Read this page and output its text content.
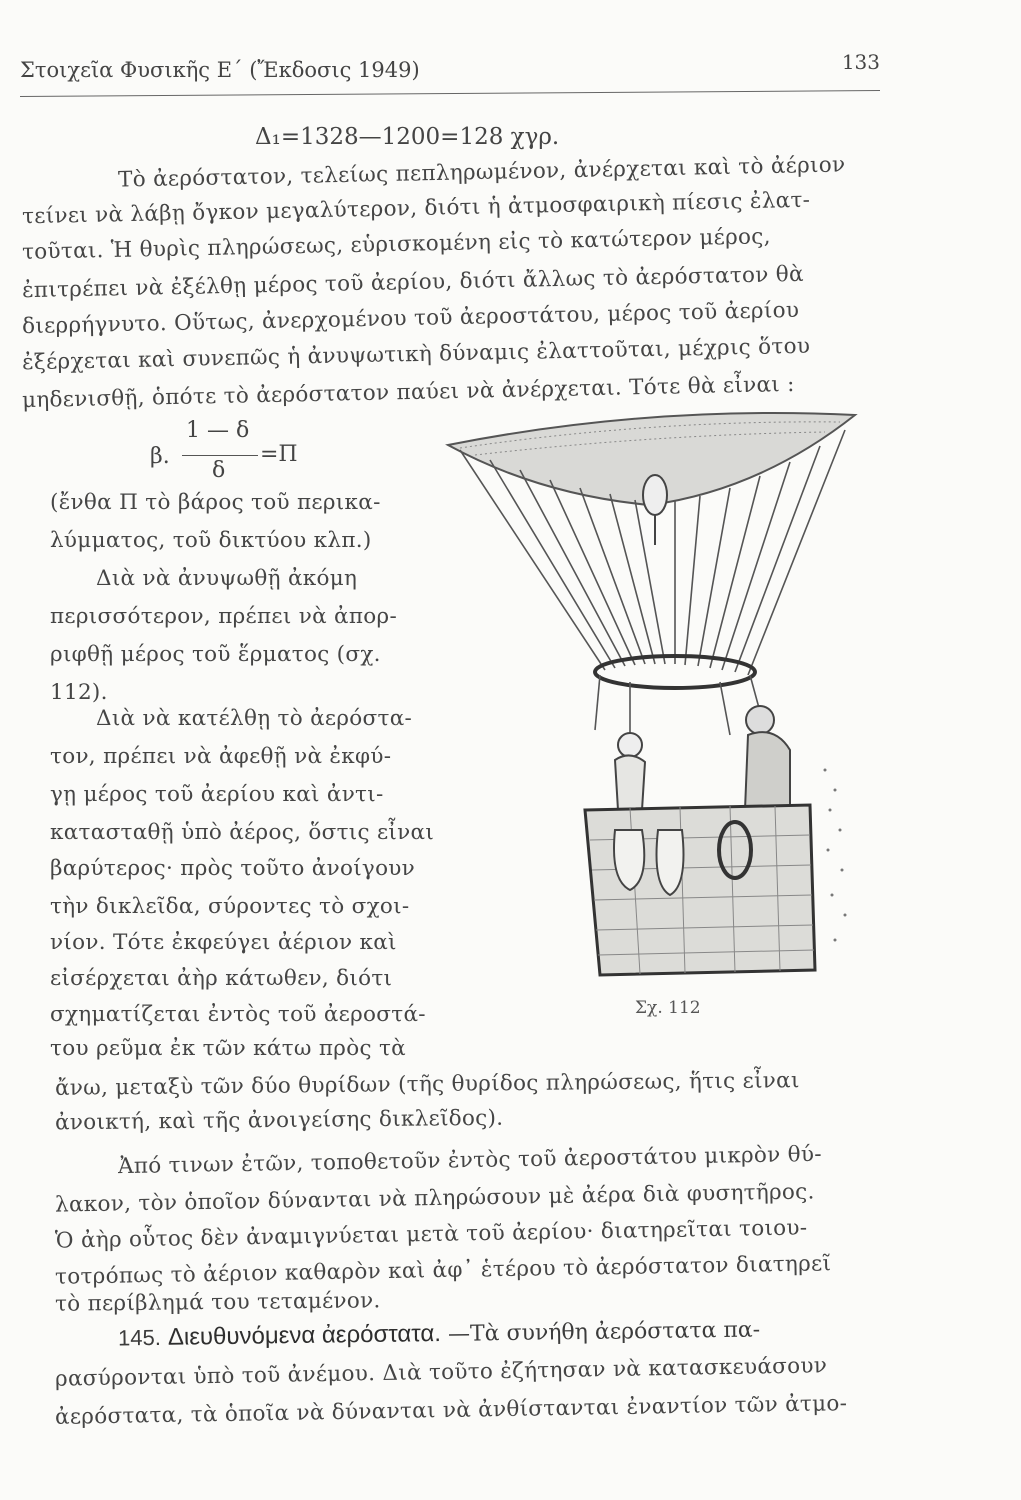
Στοιχεῖα Φυσικῆς Ε΄ (Ἔκδοσις 1949)	133
Δ₁=1328—1200=128 χγρ.
Τὸ ἀερόστατον, τελείως πεπληρωμένον, ἀνέρχεται καὶ τὸ ἀέριον
τείνει νὰ λάβῃ ὄγκον μεγαλύτερον, διότι ἡ ἀτμοσφαιρικὴ πίεσις ἐλατ-
τοῦται. Ἡ θυρὶς πληρώσεως, εὑρισκομένη εἰς τὸ κατώτερον μέρος,
ἐπιτρέπει νὰ ἐξέλθῃ μέρος τοῦ ἀερίου, διότι ἄλλως τὸ ἀερόστατον θὰ
διερρήγνυτο. Οὕτως, ἀνερχομένου τοῦ ἀεροστάτου, μέρος τοῦ ἀερίου
ἐξέρχεται καὶ συνεπῶς ἡ ἀνυψωτικὴ δύναμις ἐλαττοῦται, μέχρις ὅτου
μηδενισθῇ, ὁπότε τὸ ἀερόστατον παύει νὰ ἀνέρχεται. Τότε θὰ εἶναι :
β.
1 — δ
δ
=Π
(ἔνθα Π τὸ βάρος τοῦ περικα-
λύμματος, τοῦ δικτύου κλπ.)
Διὰ νὰ ἀνυψωθῇ ἀκόμη
περισσότερον, πρέπει νὰ ἀπορ-
ριφθῇ μέρος τοῦ ἕρματος (σχ.
112).
Διὰ νὰ κατέλθῃ τὸ ἀερόστα-
τον, πρέπει νὰ ἀφεθῇ νὰ ἐκφύ-
γῃ μέρος τοῦ ἀερίου καὶ ἀντι-
κατασταθῇ ὑπὸ ἀέρος, ὅστις εἶναι
βαρύτερος· πρὸς τοῦτο ἀνοίγουν
τὴν δικλεῖδα, σύροντες τὸ σχοι-
νίον. Τότε ἐκφεύγει ἀέριον καὶ
εἰσέρχεται ἀὴρ κάτωθεν, διότι
σχηματίζεται ἐντὸς τοῦ ἀεροστά-
του ρεῦμα ἐκ τῶν κάτω πρὸς τὰ
Σχ. 112
ἄνω, μεταξὺ τῶν δύο θυρίδων (τῆς θυρίδος πληρώσεως, ἥτις εἶναι
ἀνοικτή, καὶ τῆς ἀνοιγείσης δικλεῖδος).
Ἀπό τινων ἐτῶν, τοποθετοῦν ἐντὸς τοῦ ἀεροστάτου μικρὸν θύ-
λακον, τὸν ὁποῖον δύνανται νὰ πληρώσουν μὲ ἀέρα διὰ φυσητῆρος.
Ὁ ἀὴρ οὗτος δὲν ἀναμιγνύεται μετὰ τοῦ ἀερίου· διατηρεῖται τοιου-
τοτρόπως τὸ ἀέριον καθαρὸν καὶ ἀφ᾽ ἑτέρου τὸ ἀερόστατον διατηρεῖ
τὸ περίβλημά του τεταμένον.
145. Διευθυνόμενα ἀερόστατα. —Τὰ συνήθη ἀερόστατα πα-
ρασύρονται ὑπὸ τοῦ ἀνέμου. Διὰ τοῦτο ἐζήτησαν νὰ κατασκευάσουν
ἀερόστατα, τὰ ὁποῖα νὰ δύνανται νὰ ἀνθίστανται ἐναντίον τῶν ἀτμο-
